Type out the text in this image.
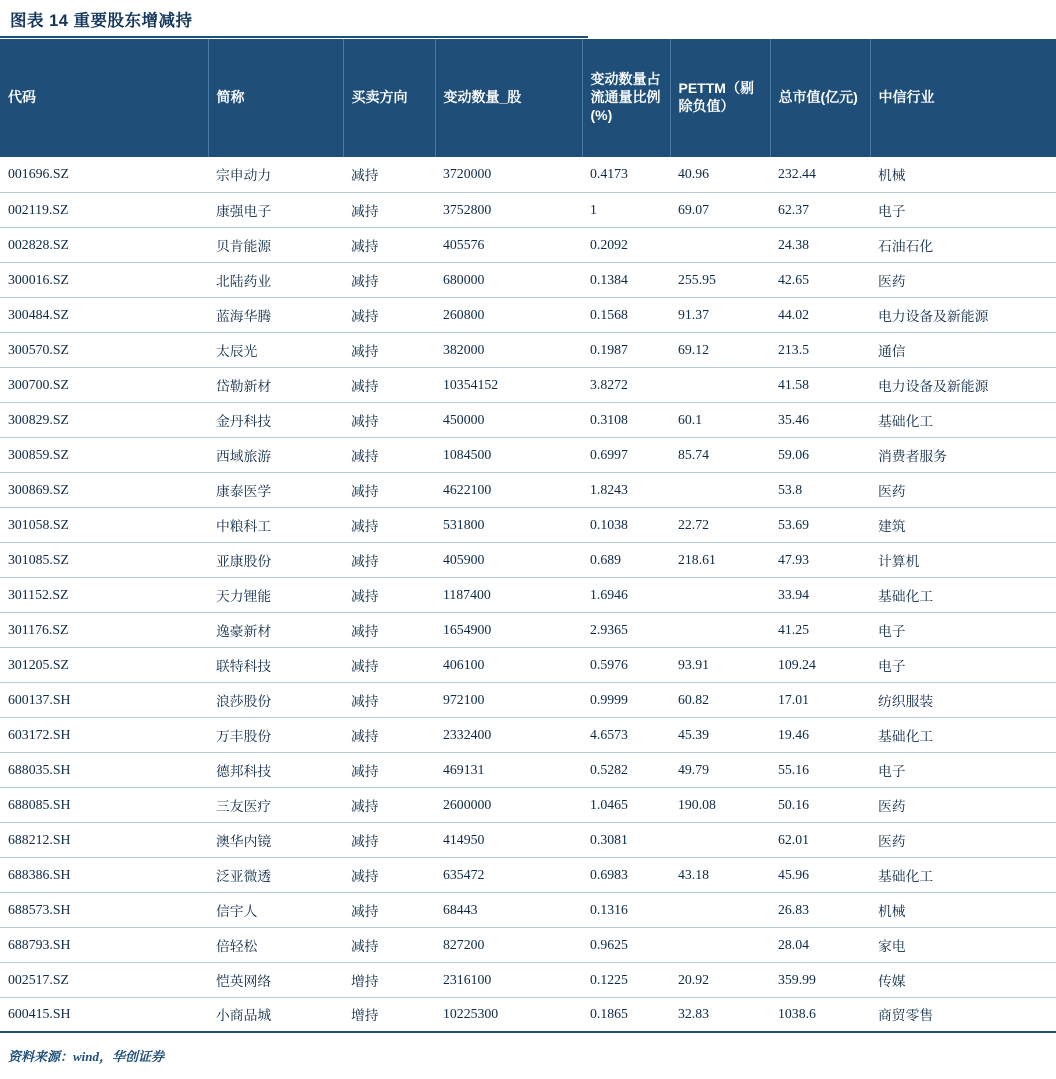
图表 14 重要股东增减持
代码	简称	买卖方向	变动数量_股	变动数量占流通量比例(%)	PETTM（剔除负值）	总市值(亿元)	中信行业
001696.SZ	宗申动力	减持	3720000	0.4173	40.96	232.44	机械
002119.SZ	康强电子	减持	3752800	1	69.07	62.37	电子
002828.SZ	贝肯能源	减持	405576	0.2092		24.38	石油石化
300016.SZ	北陆药业	减持	680000	0.1384	255.95	42.65	医药
300484.SZ	蓝海华腾	减持	260800	0.1568	91.37	44.02	电力设备及新能源
300570.SZ	太辰光	减持	382000	0.1987	69.12	213.5	通信
300700.SZ	岱勒新材	减持	10354152	3.8272		41.58	电力设备及新能源
300829.SZ	金丹科技	减持	450000	0.3108	60.1	35.46	基础化工
300859.SZ	西域旅游	减持	1084500	0.6997	85.74	59.06	消费者服务
300869.SZ	康泰医学	减持	4622100	1.8243		53.8	医药
301058.SZ	中粮科工	减持	531800	0.1038	22.72	53.69	建筑
301085.SZ	亚康股份	减持	405900	0.689	218.61	47.93	计算机
301152.SZ	天力锂能	减持	1187400	1.6946		33.94	基础化工
301176.SZ	逸豪新材	减持	1654900	2.9365		41.25	电子
301205.SZ	联特科技	减持	406100	0.5976	93.91	109.24	电子
600137.SH	浪莎股份	减持	972100	0.9999	60.82	17.01	纺织服装
603172.SH	万丰股份	减持	2332400	4.6573	45.39	19.46	基础化工
688035.SH	德邦科技	减持	469131	0.5282	49.79	55.16	电子
688085.SH	三友医疗	减持	2600000	1.0465	190.08	50.16	医药
688212.SH	澳华内镜	减持	414950	0.3081		62.01	医药
688386.SH	泛亚微透	减持	635472	0.6983	43.18	45.96	基础化工
688573.SH	信宇人	减持	68443	0.1316		26.83	机械
688793.SH	倍轻松	减持	827200	0.9625		28.04	家电
002517.SZ	恺英网络	增持	2316100	0.1225	20.92	359.99	传媒
600415.SH	小商品城	增持	10225300	0.1865	32.83	1038.6	商贸零售
资料来源：wind，华创证券
